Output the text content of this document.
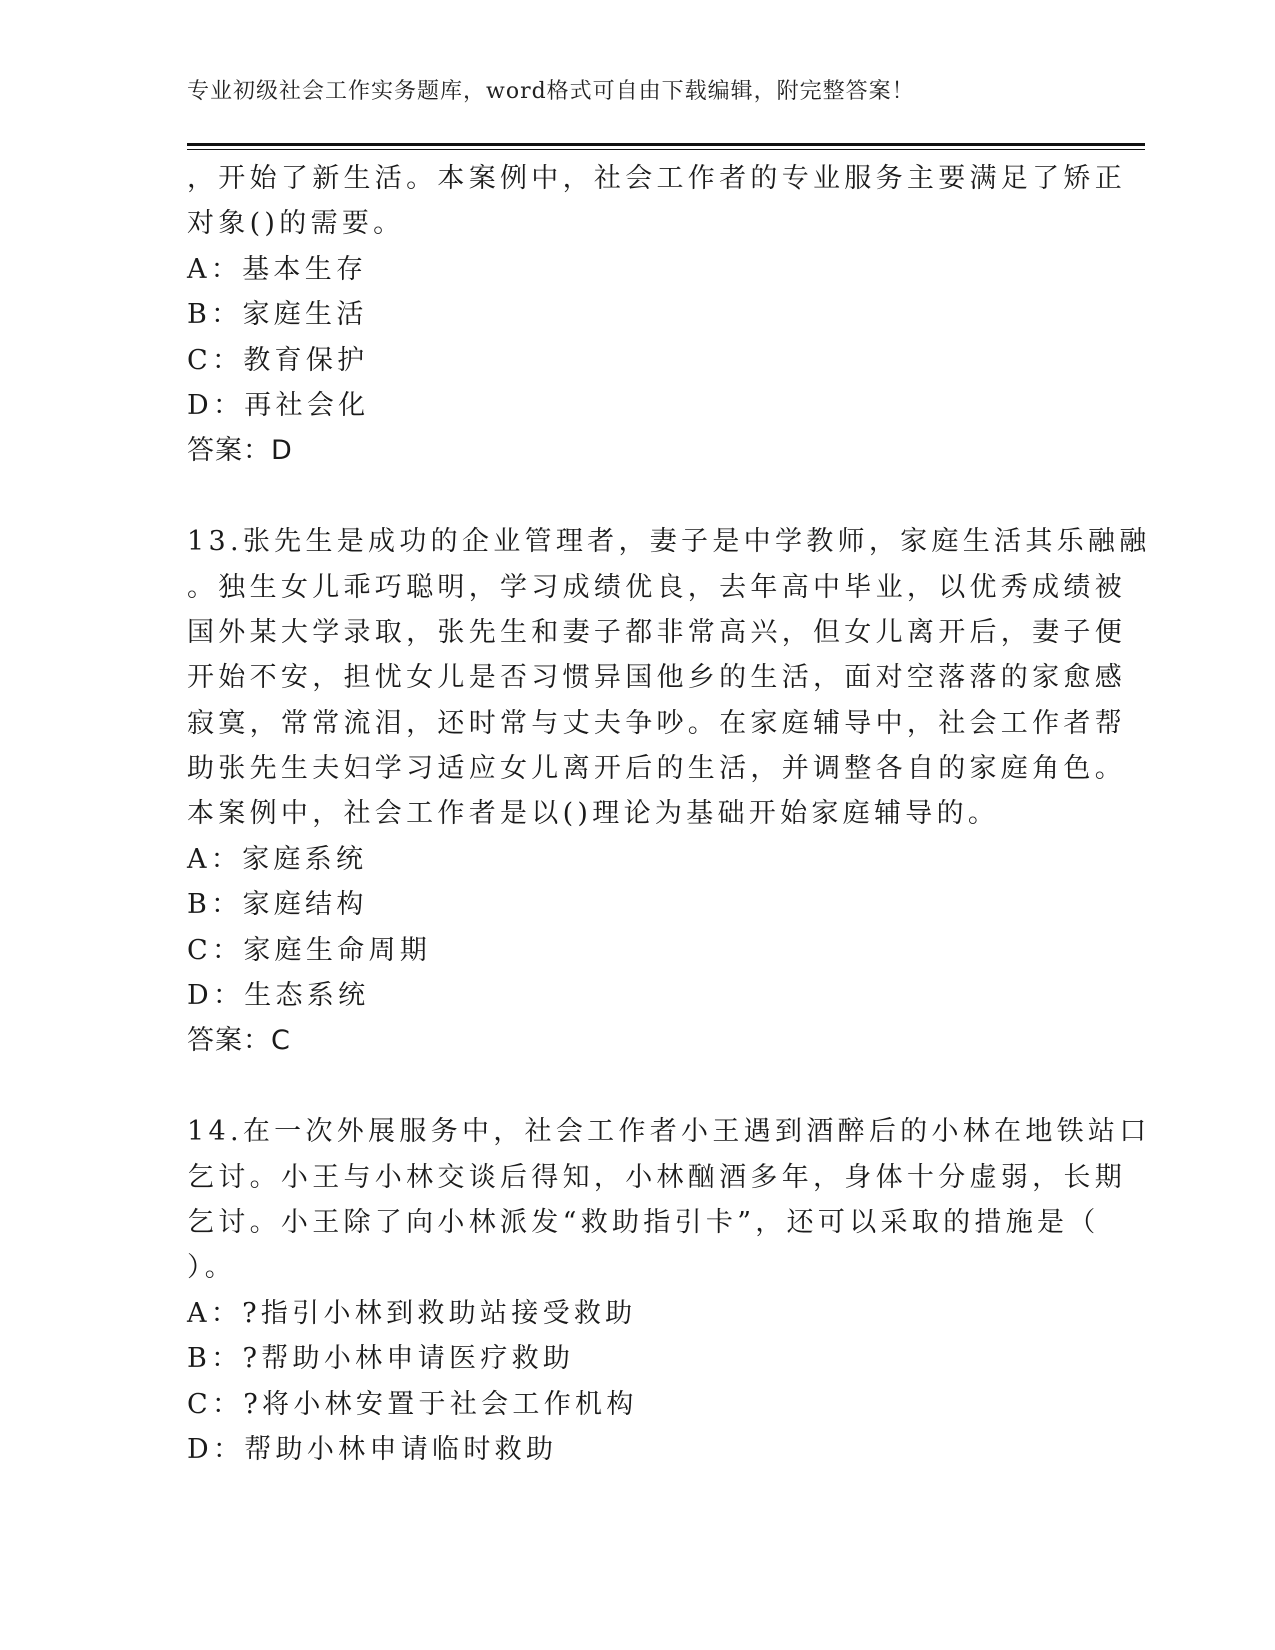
专业初级社会工作实务题库，word格式可自由下载编辑，附完整答案！
，开始了新生活。本案例中，社会工作者的专业服务主要满足了矫正
对象()的需要。
A：基本生存
B：家庭生活
C：教育保护
D：再社会化
答案：D
13.张先生是成功的企业管理者，妻子是中学教师，家庭生活其乐融融
。独生女儿乖巧聪明，学习成绩优良，去年高中毕业，以优秀成绩被
国外某大学录取，张先生和妻子都非常高兴，但女儿离开后，妻子便
开始不安，担忧女儿是否习惯异国他乡的生活，面对空落落的家愈感
寂寞，常常流泪，还时常与丈夫争吵。在家庭辅导中，社会工作者帮
助张先生夫妇学习适应女儿离开后的生活，并调整各自的家庭角色。
本案例中，社会工作者是以()理论为基础开始家庭辅导的。
A：家庭系统
B：家庭结构
C：家庭生命周期
D：生态系统
答案：C
14.在一次外展服务中，社会工作者小王遇到酒醉后的小林在地铁站口
乞讨。小王与小林交谈后得知，小林酗酒多年，身体十分虚弱，长期
乞讨。小王除了向小林派发“救助指引卡”，还可以采取的措施是（
）。
A：?指引小林到救助站接受救助
B：?帮助小林申请医疗救助
C：?将小林安置于社会工作机构
D：帮助小林申请临时救助
